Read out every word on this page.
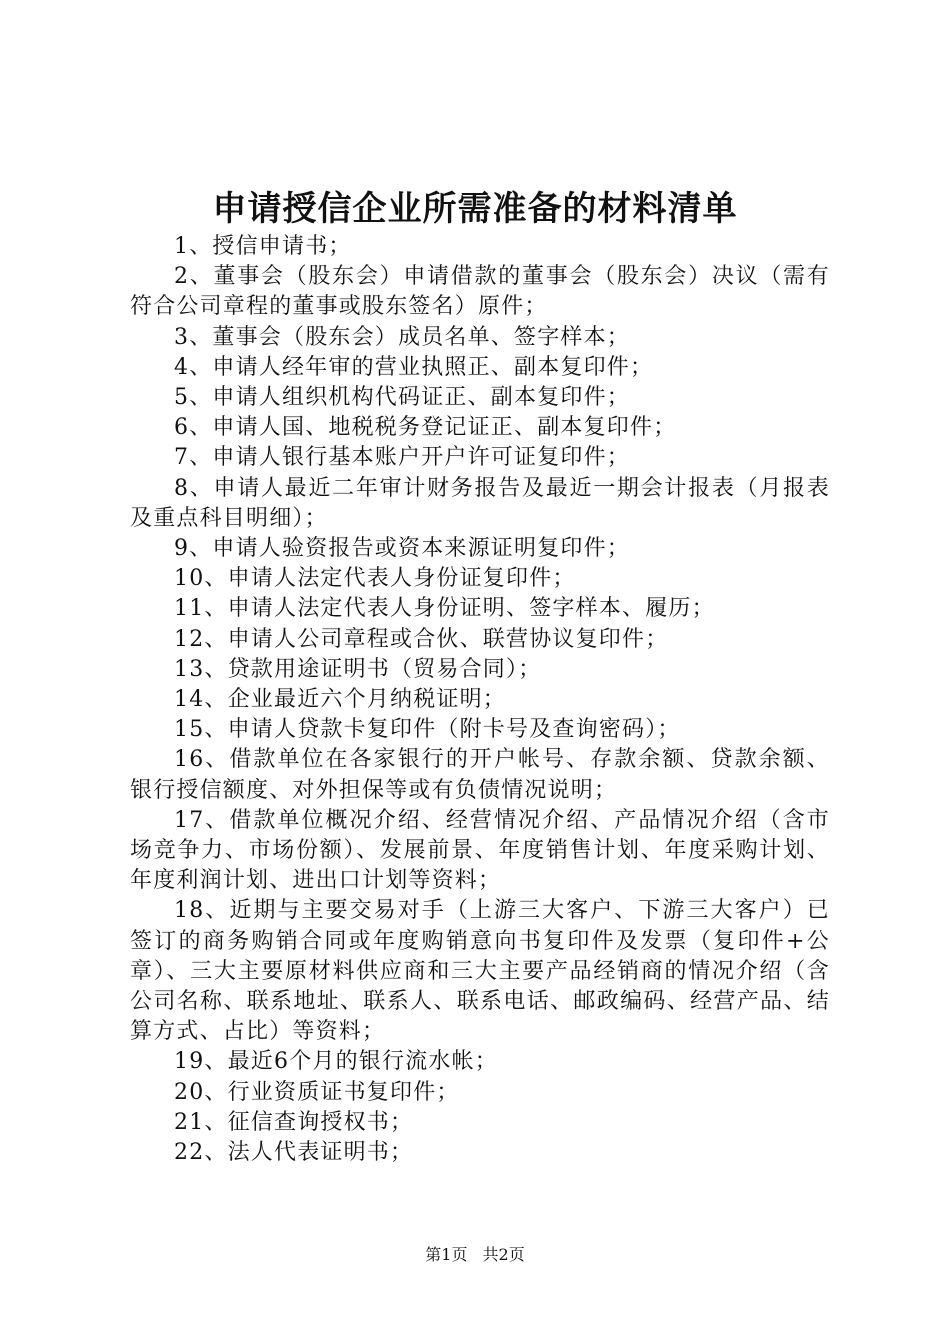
申请授信企业所需准备的材料清单

1、授信申请书；

2、董事会（股东会）申请借款的董事会（股东会）决议（需有符合公司章程的董事或股东签名）原件；

3、董事会（股东会）成员名单、签字样本；

4、申请人经年审的营业执照正、副本复印件；

5、申请人组织机构代码证正、副本复印件；

6、申请人国、地税税务登记证正、副本复印件；

7、申请人银行基本账户开户许可证复印件；

8、申请人最近二年审计财务报告及最近一期会计报表（月报表及重点科目明细）；

9、申请人验资报告或资本来源证明复印件；

10、申请人法定代表人身份证复印件；

11、申请人法定代表人身份证明、签字样本、履历；

12、申请人公司章程或合伙、联营协议复印件；

13、贷款用途证明书（贸易合同）；

14、企业最近六个月纳税证明；

15、申请人贷款卡复印件（附卡号及查询密码）；

16、借款单位在各家银行的开户帐号、存款余额、贷款余额、银行授信额度、对外担保等或有负债情况说明；

17、借款单位概况介绍、经营情况介绍、产品情况介绍（含市场竞争力、市场份额）、发展前景、年度销售计划、年度采购计划、年度利润计划、进出口计划等资料；

18、近期与主要交易对手（上游三大客户、下游三大客户）已签订的商务购销合同或年度购销意向书复印件及发票（复印件+公章）、三大主要原材料供应商和三大主要产品经销商的情况介绍（含公司名称、联系地址、联系人、联系电话、邮政编码、经营产品、结算方式、占比）等资料；

19、最近6个月的银行流水帐；

20、行业资质证书复印件；

21、征信查询授权书；

22、法人代表证明书；

第1页 共2页
